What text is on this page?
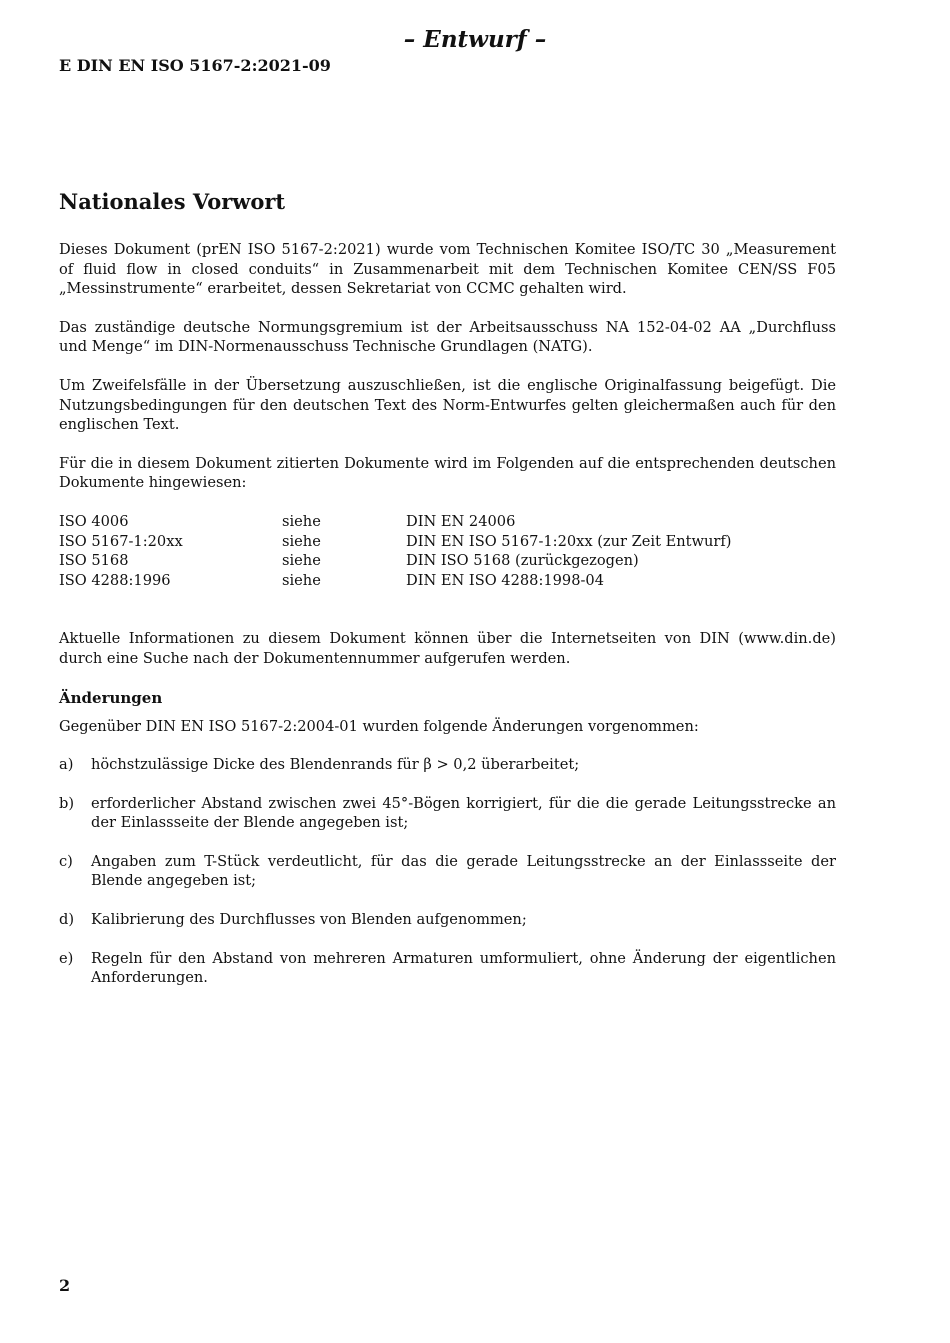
– Entwurf –
E DIN EN ISO 5167-2:2021-09
Nationales Vorwort

Dieses Dokument (prEN ISO 5167-2:2021) wurde vom Technischen Komitee ISO/TC 30 „Measurement of fluid flow in closed conduits“ in Zusammenarbeit mit dem Technischen Komitee CEN/SS F05 „Messinstrumente“ erarbeitet, dessen Sekretariat von CCMC gehalten wird.

Das zuständige deutsche Normungsgremium ist der Arbeitsausschuss NA 152-04-02 AA „Durchfluss und Menge“ im DIN-Normenausschuss Technische Grundlagen (NATG).

Um Zweifelsfälle in der Übersetzung auszuschließen, ist die englische Originalfassung beigefügt. Die Nutzungsbedingungen für den deutschen Text des Norm-Entwurfes gelten gleichermaßen auch für den englischen Text.

Für die in diesem Dokument zitierten Dokumente wird im Folgenden auf die entsprechenden deutschen Dokumente hingewiesen:

ISO 4006	siehe	DIN EN 24006
ISO 5167-1:20xx	siehe	DIN EN ISO 5167-1:20xx (zur Zeit Entwurf)
ISO 5168	siehe	DIN ISO 5168 (zurückgezogen)
ISO 4288:1996	siehe	DIN EN ISO 4288:1998-04

Aktuelle Informationen zu diesem Dokument können über die Internetseiten von DIN (www.din.de) durch eine Suche nach der Dokumentennummer aufgerufen werden.

Änderungen
Gegenüber DIN EN ISO 5167-2:2004-01 wurden folgende Änderungen vorgenommen:
a)	höchstzulässige Dicke des Blendenrands für β > 0,2 überarbeitet;
b)	erforderlicher Abstand zwischen zwei 45°-Bögen korrigiert, für die die gerade Leitungsstrecke an der Einlassseite der Blende angegeben ist;
c)	Angaben zum T-Stück verdeutlicht, für das die gerade Leitungsstrecke an der Einlassseite der Blende angegeben ist;
d)	Kalibrierung des Durchflusses von Blenden aufgenommen;
e)	Regeln für den Abstand von mehreren Armaturen umformuliert, ohne Änderung der eigentlichen Anforderungen.
2
